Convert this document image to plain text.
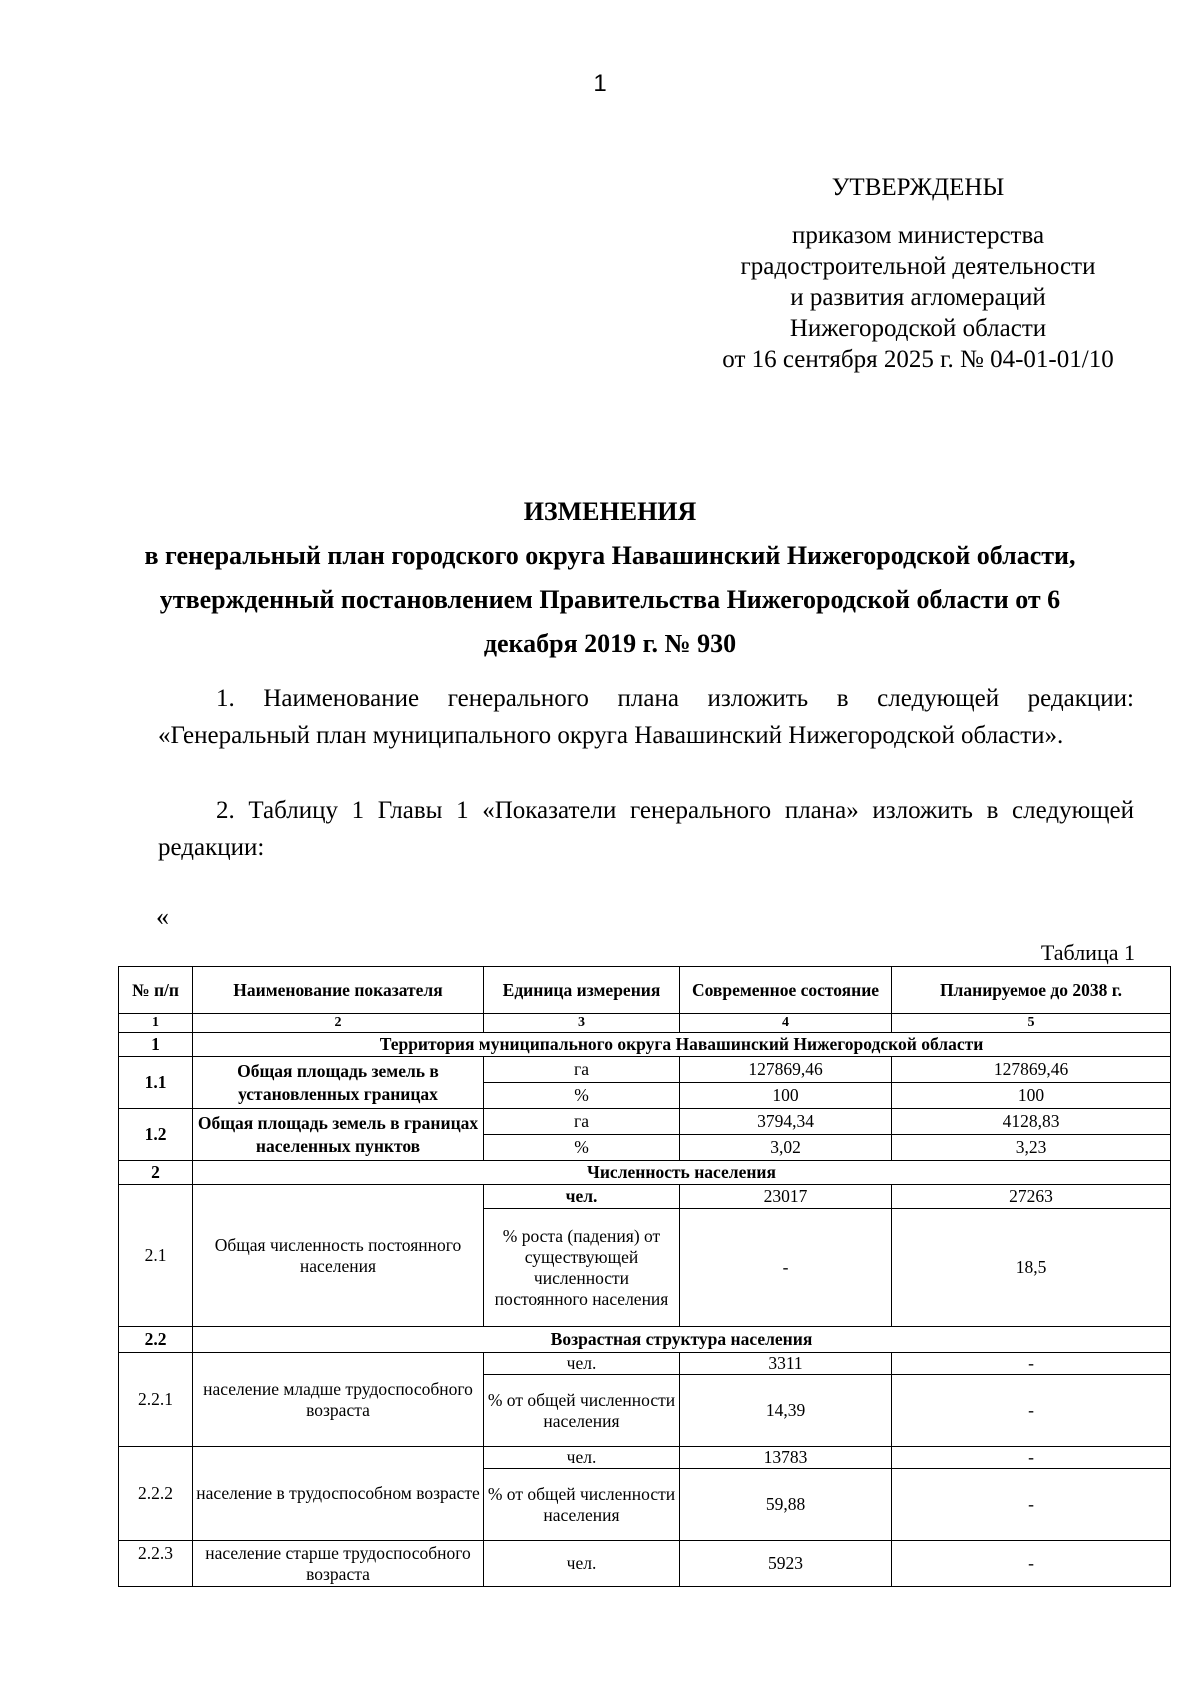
1
УТВЕРЖДЕНЫ
приказом министерства
градостроительной деятельности
и развития агломераций
Нижегородской области
от 16 сентября 2025 г. № 04-01-01/10
ИЗМЕНЕНИЯ
в генеральный план городского округа Навашинский Нижегородской области, утвержденный постановлением Правительства Нижегородской области от 6 декабря 2019 г. № 930
1. Наименование генерального плана изложить в следующей редакции: «Генеральный план муниципального округа Навашинский Нижегородской области».
2. Таблицу 1 Главы 1 «Показатели генерального плана» изложить в следующей редакции:
«
Таблица 1
№ п/п	Наименование показателя	Единица измерения	Современное состояние	Планируемое до 2038 г.
1	2	3	4	5
1	Территория муниципального округа Навашинский Нижегородской области			
1.1	Общая площадь земель в установленных границах	га	127869,46	127869,46
		%	100	100
1.2	Общая площадь земель в границах населенных пунктов	га	3794,34	4128,83
		%	3,02	3,23
2	Численность населения			
2.1	Общая численность постоянного населения	чел.	23017	27263
		% роста (падения) от существующей численности постоянного населения	-	18,5
2.2	Возрастная структура населения			
2.2.1	население младше трудоспособного возраста	чел.	3311	-
		% от общей численности населения	14,39	-
2.2.2	население в трудоспособном возрасте	чел.	13783	-
		% от общей численности населения	59,88	-
2.2.3	население старше трудоспособного возраста	чел.	5923	-
